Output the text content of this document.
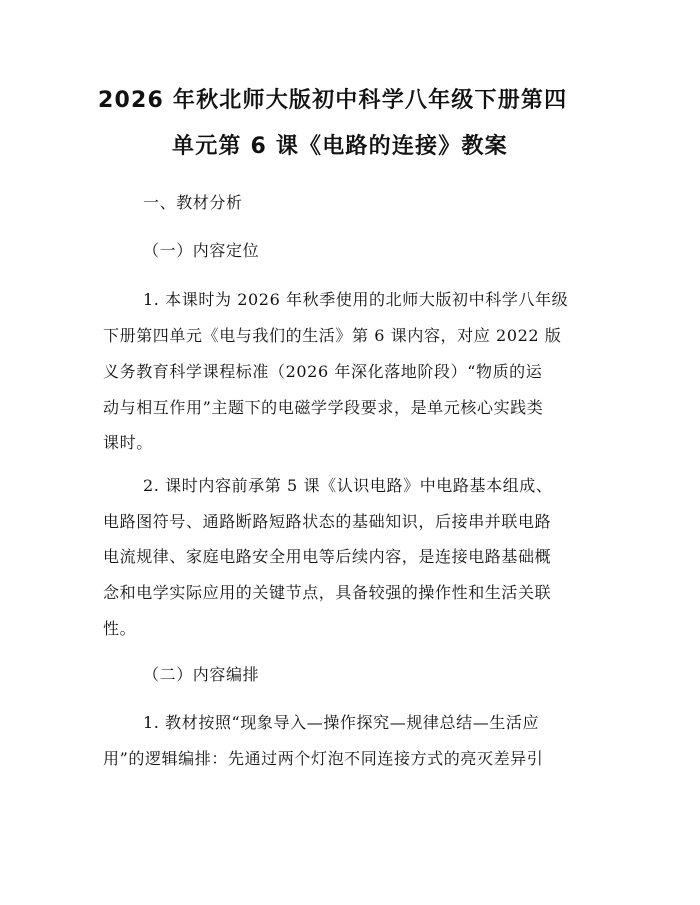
2026 年秋北师大版初中科学八年级下册第四
单元第 6 课《电路的连接》教案
一、教材分析
（一）内容定位
1. 本课时为 2026 年秋季使用的北师大版初中科学八年级
下册第四单元《电与我们的生活》第 6 课内容，对应 2022 版
义务教育科学课程标准（2026 年深化落地阶段）“物质的运
动与相互作用”主题下的电磁学学段要求，是单元核心实践类
课时。
2. 课时内容前承第 5 课《认识电路》中电路基本组成、
电路图符号、通路断路短路状态的基础知识，后接串并联电路
电流规律、家庭电路安全用电等后续内容，是连接电路基础概
念和电学实际应用的关键节点，具备较强的操作性和生活关联
性。
（二）内容编排
1. 教材按照“现象导入—操作探究—规律总结—生活应
用”的逻辑编排：先通过两个灯泡不同连接方式的亮灭差异引
